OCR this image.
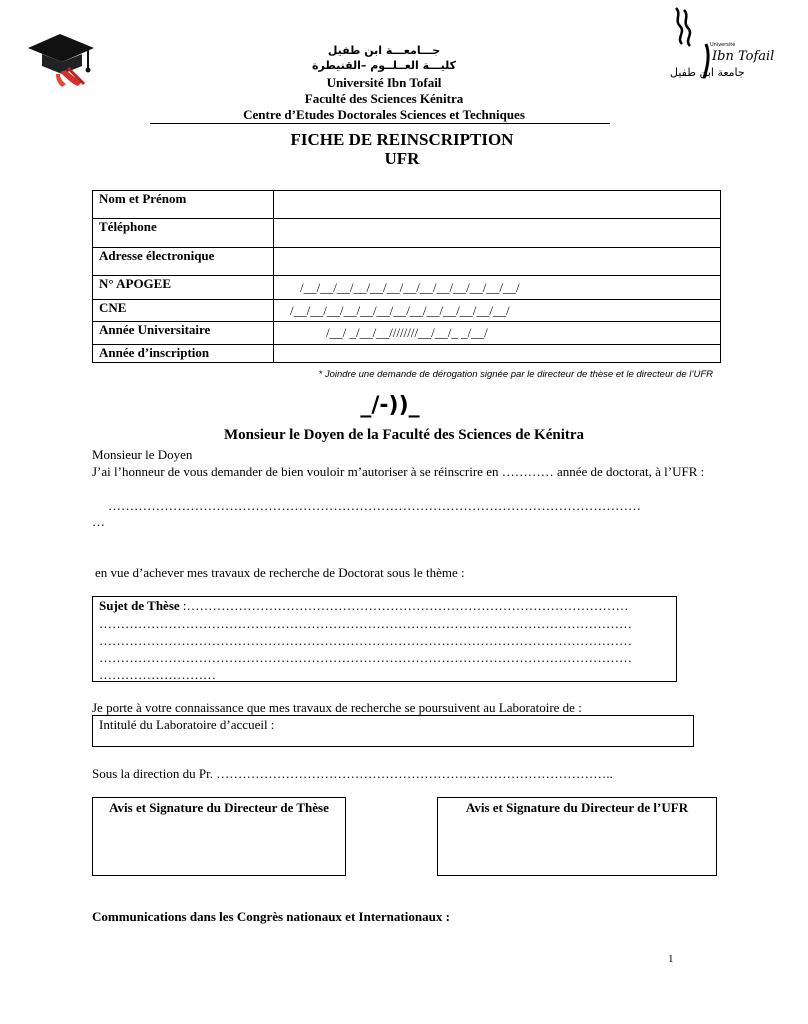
Université
Ibn Tofail
جامعة ابن طفيل
جـــامعـــة ابن طفيل
كليـــة العــلــوم –القنيطرة
Université Ibn Tofail
Faculté des Sciences Kénitra
Centre d’Etudes Doctorales Sciences et Techniques
FICHE DE REINSCRIPTION
UFR
Nom et Prénom	
Téléphone	
Adresse électronique	
N° APOGEE	/__/__/__/__/__/__/__/__/__/__/__/__/__/
CNE	/__/__/__/__/__/__/__/__/__/__/__/__/__/
Année Universitaire	/__/ _/__/__////////__/__/_ _/__/
Année d’inscription	
* Joindre une demande de dérogation signée par le directeur de thèse et le directeur de l’UFR
_/-))_
Monsieur le Doyen de la Faculté des Sciences de Kénitra
Monsieur le Doyen
J’ai l’honneur de vous demander de bien vouloir m’autoriser à se réinscrire en ………… année de doctorat, à l’UFR :
……………………………………………………………………………………………………………
…
en vue d’achever mes travaux de recherche de Doctorat sous le thème :
Sujet de Thèse :…………………………………………………………………………………………
……………………………………………………………………………………………………………
……………………………………………………………………………………………………………
……………………………………………………………………………………………………………
………………………
Je porte à votre connaissance que mes travaux de recherche se poursuivent au Laboratoire de :
Intitulé du Laboratoire d’accueil :
Sous la direction du Pr. ………………………………………………………………………………..
Avis et Signature du Directeur de Thèse	Avis et Signature du Directeur de l’UFR
Communications dans les Congrès nationaux et Internationaux :
1
